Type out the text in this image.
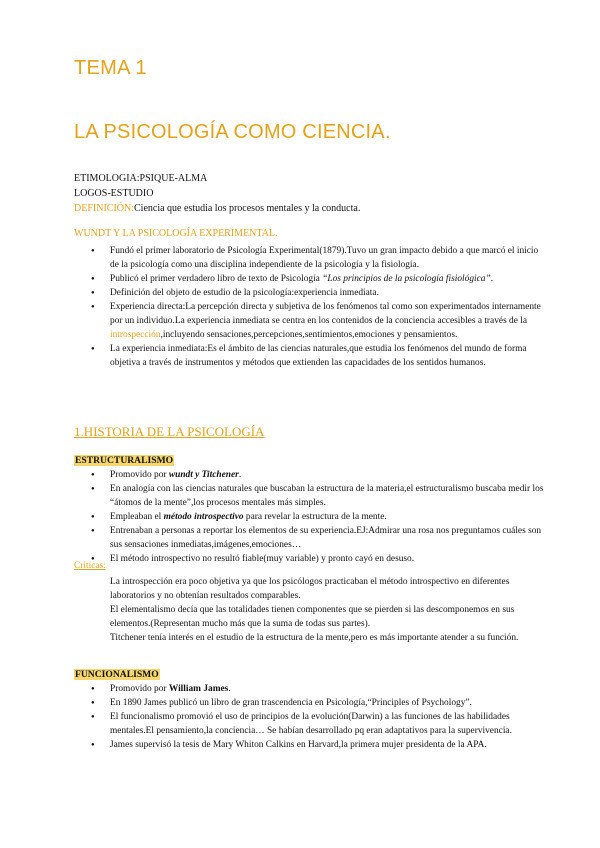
TEMA 1
LA PSICOLOGÍA COMO CIENCIA.
ETIMOLOGIA:PSIQUE-ALMA
LOGOS-ESTUDIO
DEFINICIÓN:Ciencia que estudia los procesos mentales y la conducta.
WUNDT Y LA PSICOLOGÍA EXPERIMENTAL.
● Fundó el primer laboratorio de Psicología Experimental(1879).Tuvo un gran impacto debido a que marcó el inicio de la psicología como una disciplina independiente de la psicología y la fisiología.
● Publicó el primer verdadero libro de texto de Psicología “Los principios de la psicología fisiológica”.
● Definición del objeto de estudio de la psicología:experiencia inmediata.
● Experiencia directa:La percepción directa y subjetiva de los fenómenos tal como son experimentados internamente por un individuo.La experiencia inmediata se centra en los contenidos de la conciencia accesibles a través de la introspección,incluyendo sensaciones,percepciones,sentimientos,emociones y pensamientos.
● La experiencia inmediata:Es el ámbito de las ciencias naturales,que estudia los fenómenos del mundo de forma objetiva a través de instrumentos y métodos que extienden las capacidades de los sentidos humanos.
1.HISTORIA DE LA PSICOLOGÍA
ESTRUCTURALISMO
● Promovido por wundt y Titchener.
● En analogía con las ciencias naturales que buscaban la estructura de la materia,el estructuralismo buscaba medir los “átomos de la mente”,los procesos mentales más simples.
● Empleaban el método introspectivo para revelar la estructura de la mente.
● Entrenaban a personas a reportar los elementos de su experiencia.EJ:Admirar una rosa nos preguntamos cuáles son sus sensaciones inmediatas,imágenes,emociones…
● El método introspectivo no resultó fiable(muy variable) y pronto cayó en desuso.
Criticas:

La introspección era poco objetiva ya que los psicólogos practicaban el método introspectivo en diferentes laboratorios y no obtenían resultados comparables.

El elementalismo decía que las totalidades tienen componentes que se pierden si las descomponemos en sus elementos.(Representan mucho más que la suma de todas sus partes).

Titchener tenía interés en el estudio de la estructura de la mente,pero es más importante atender a su función.

FUNCIONALISMO
● Promovido por William James.
● En 1890 James publicó un libro de gran trascendencia en Psicología,“Principles of Psychology”.
● El funcionalismo promovió el uso de principios de la evolución(Darwin) a las funciones de las habilidades mentales.El pensamiento,la conciencia… Se habían desarrollado pq eran adaptativos para la supervivencia.
● James supervisó la tesis de Mary Whiton Calkins en Harvard,la primera mujer presidenta de la APA.
